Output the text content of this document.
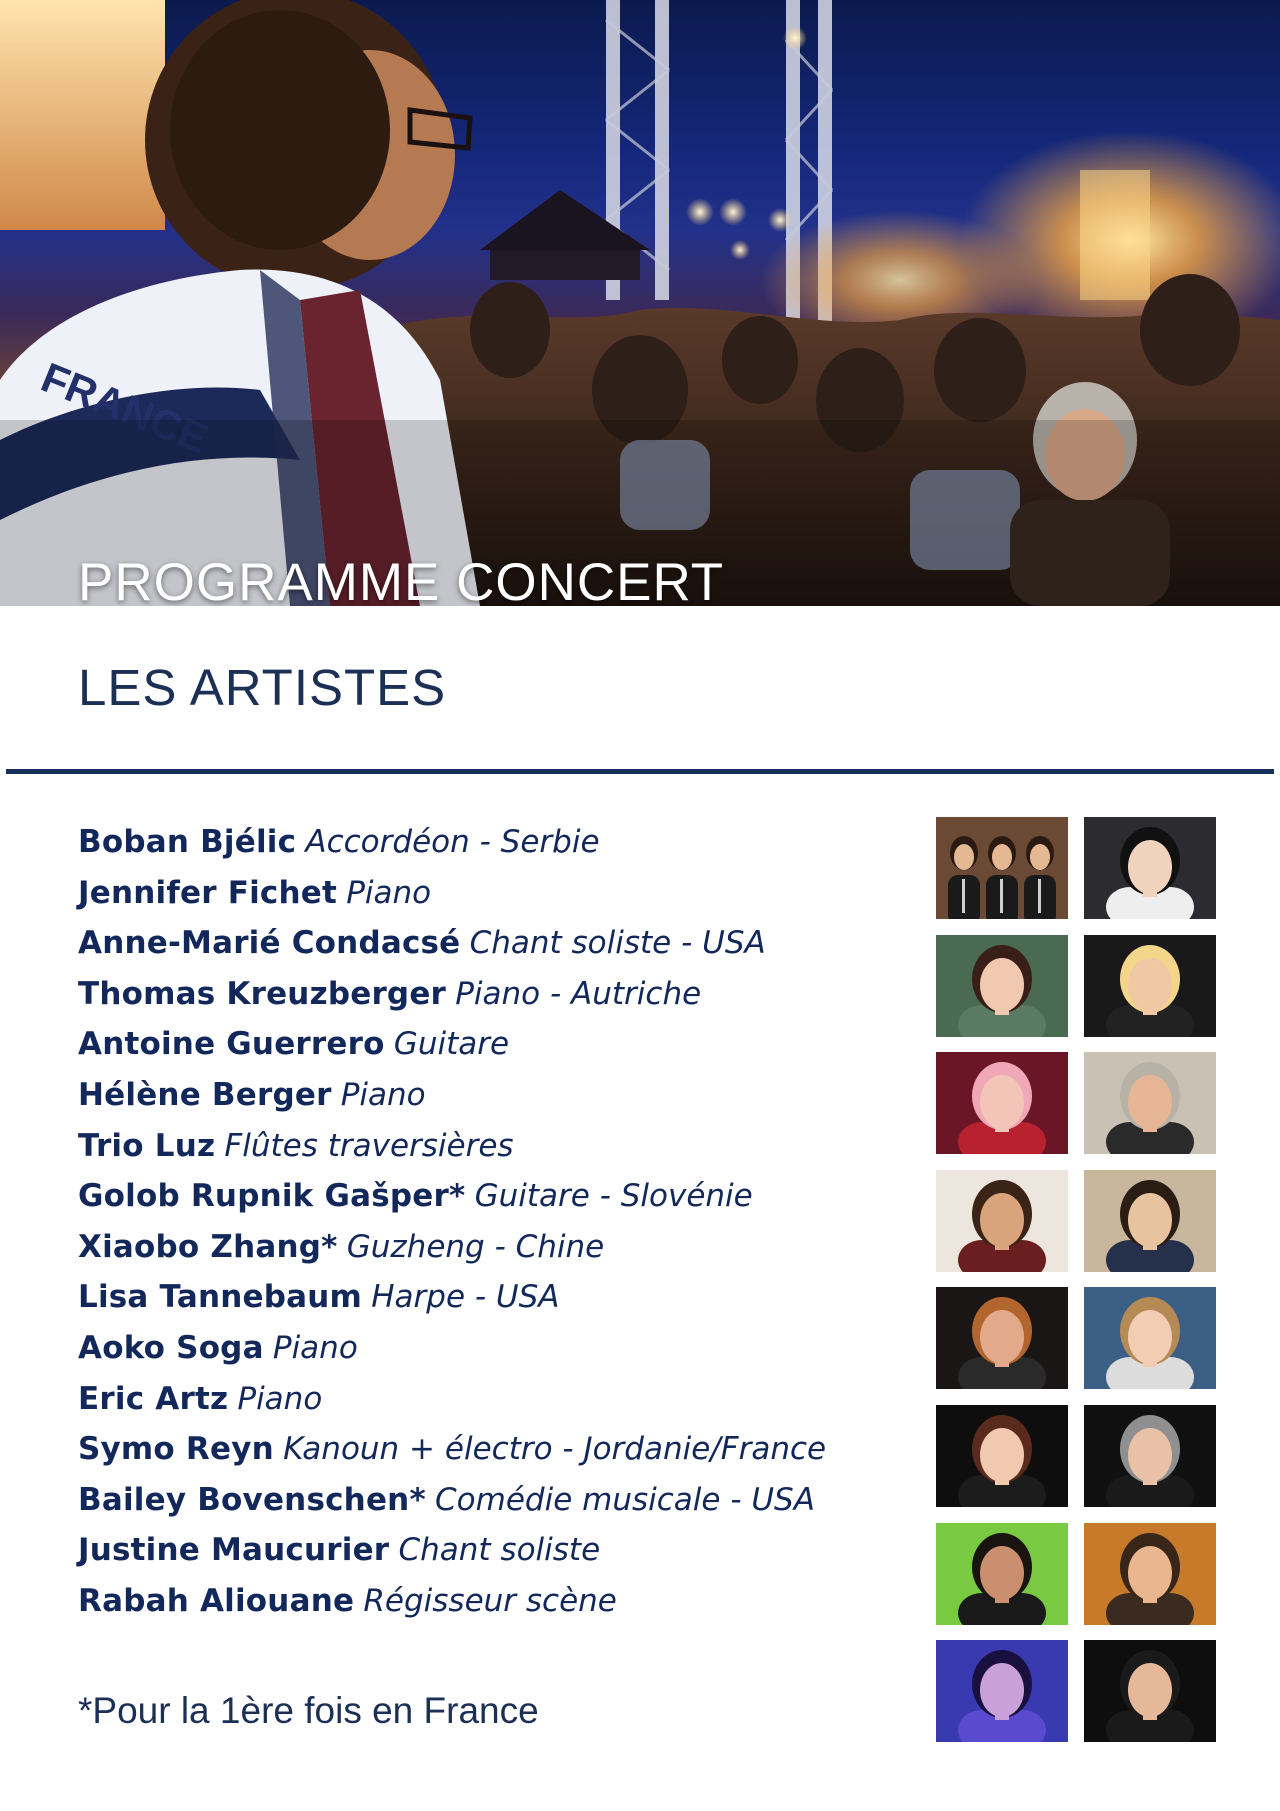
FRANCE
PROGRAMME CONCERT
LES ARTISTES
Boban Bjélic Accordéon - Serbie
Jennifer Fichet Piano
Anne-Marié Condacsé Chant soliste - USA
Thomas Kreuzberger Piano - Autriche
Antoine Guerrero Guitare
Hélène Berger Piano
Trio Luz Flûtes traversières
Golob Rupnik Gašper* Guitare - Slovénie
Xiaobo Zhang* Guzheng - Chine
Lisa Tannebaum Harpe - USA
Aoko Soga Piano
Eric Artz Piano
Symo Reyn Kanoun + électro - Jordanie/France
Bailey Bovenschen* Comédie musicale - USA
Justine Maucurier Chant soliste
Rabah Aliouane Régisseur scène

*Pour la 1ère fois en France
